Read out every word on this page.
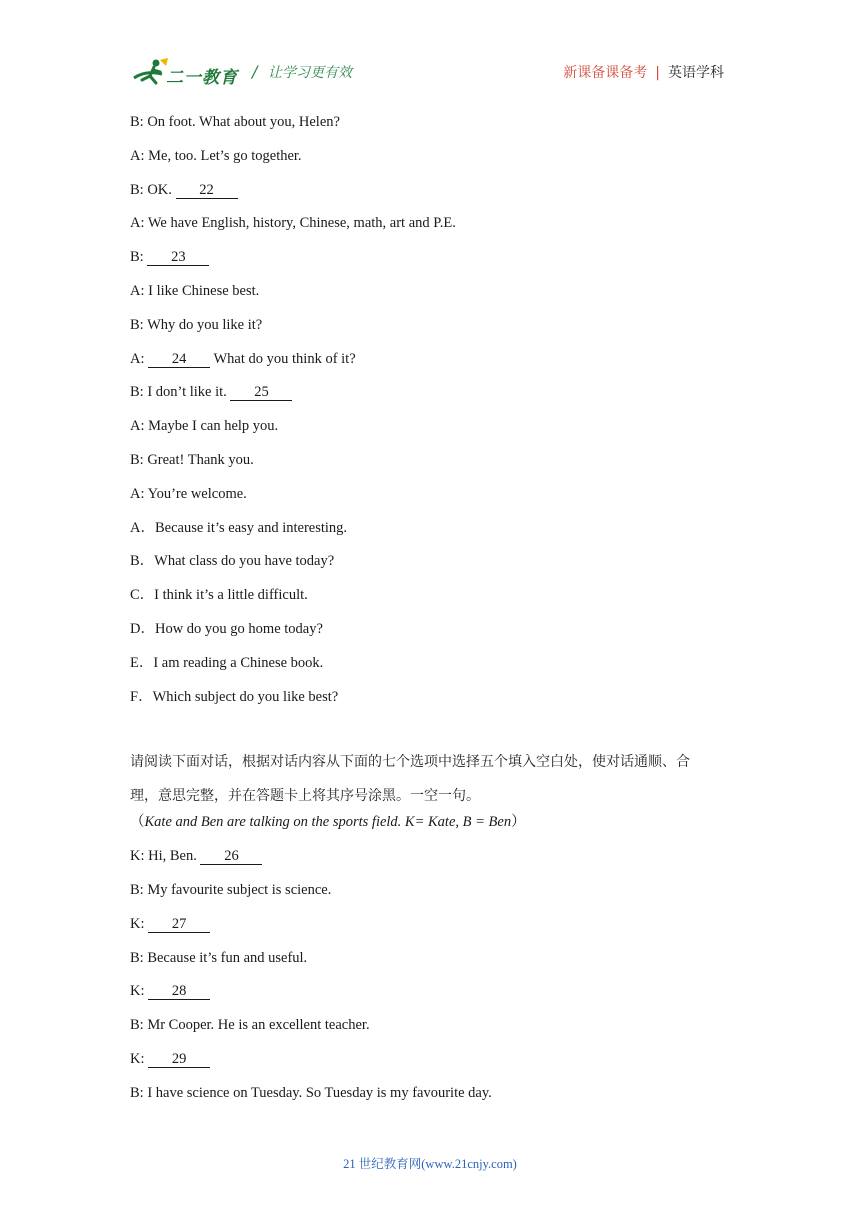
二一教育 / 让学习更有效	新课备课备考 | 英语学科
B: On foot. What about you, Helen?
A: Me, too. Let’s go together.
B: OK. 22
A: We have English, history, Chinese, math, art and P.E.
B: 23
A: I like Chinese best.
B: Why do you like it?
A: 24 What do you think of it?
B: I don’t like it. 25
A: Maybe I can help you.
B: Great! Thank you.
A: You’re welcome.
A．Because it’s easy and interesting.
B．What class do you have today?
C．I think it’s a little difficult.
D．How do you go home today?
E．I am reading a Chinese book.
F．Which subject do you like best?
请阅读下面对话，根据对话内容从下面的七个选项中选择五个填入空白处，使对话通顺、合
理，意思完整，并在答题卡上将其序号涂黑。一空一句。
（Kate and Ben are talking on the sports field. K= Kate, B = Ben）
K: Hi, Ben. 26
B: My favourite subject is science.
K: 27
B: Because it’s fun and useful.
K: 28
B: Mr Cooper. He is an excellent teacher.
K: 29
B: I have science on Tuesday. So Tuesday is my favourite day.
21 世纪教育网(www.21cnjy.com)
